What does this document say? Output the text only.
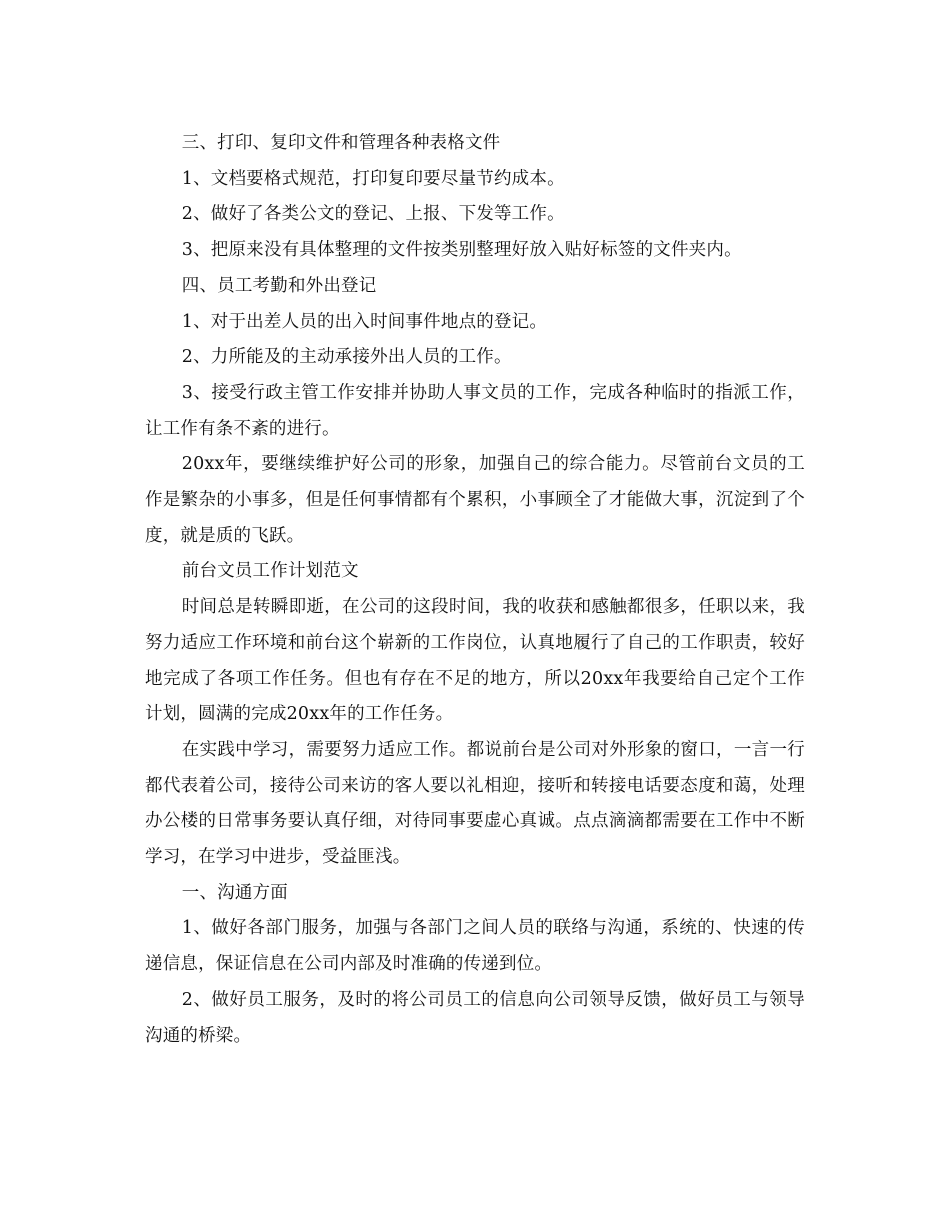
三、打印、复印文件和管理各种表格文件

1、文档要格式规范，打印复印要尽量节约成本。

2、做好了各类公文的登记、上报、下发等工作。

3、把原来没有具体整理的文件按类别整理好放入贴好标签的文件夹内。

四、员工考勤和外出登记

1、对于出差人员的出入时间事件地点的登记。

2、力所能及的主动承接外出人员的工作。

3、接受行政主管工作安排并协助人事文员的工作，完成各种临时的指派工作，让工作有条不紊的进行。

20xx年，要继续维护好公司的形象，加强自己的综合能力。尽管前台文员的工作是繁杂的小事多，但是任何事情都有个累积，小事顾全了才能做大事，沉淀到了个度，就是质的飞跃。

前台文员工作计划范文

时间总是转瞬即逝，在公司的这段时间，我的收获和感触都很多，任职以来，我努力适应工作环境和前台这个崭新的工作岗位，认真地履行了自己的工作职责，较好地完成了各项工作任务。但也有存在不足的地方，所以20xx年我要给自己定个工作计划，圆满的完成20xx年的工作任务。

在实践中学习，需要努力适应工作。都说前台是公司对外形象的窗口，一言一行都代表着公司，接待公司来访的客人要以礼相迎，接听和转接电话要态度和蔼，处理办公楼的日常事务要认真仔细，对待同事要虚心真诚。点点滴滴都需要在工作中不断学习，在学习中进步，受益匪浅。

一、沟通方面

1、做好各部门服务，加强与各部门之间人员的联络与沟通，系统的、快速的传递信息，保证信息在公司内部及时准确的传递到位。

2、做好员工服务，及时的将公司员工的信息向公司领导反馈，做好员工与领导沟通的桥梁。
